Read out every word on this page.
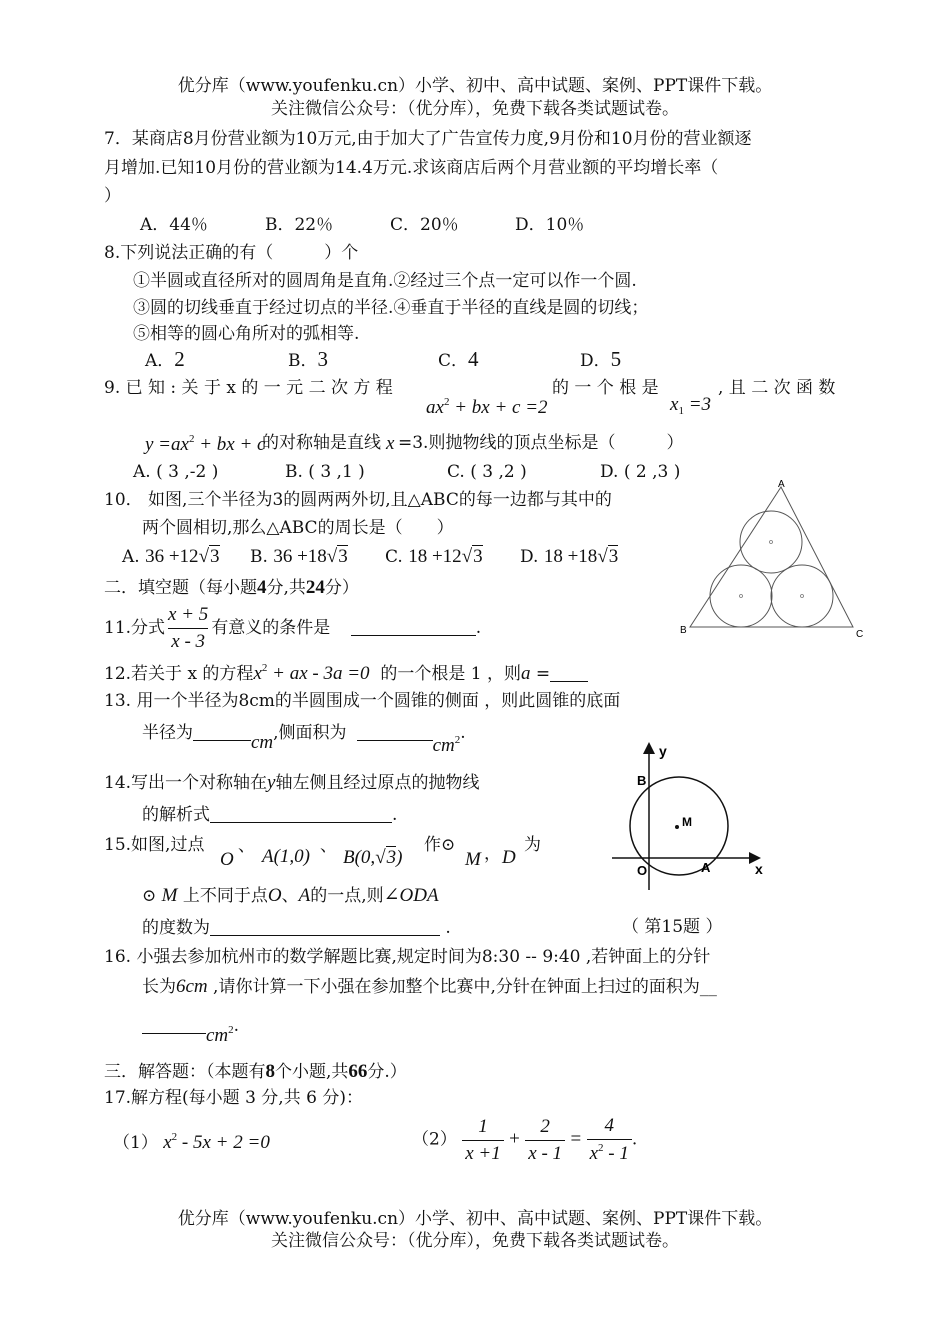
优分库（www.youfenku.cn）小学、初中、高中试题、案例、PPT课件下载。
关注微信公众号：（优分库），免费下载各类试题试卷。
7．某商店8月份营业额为10万元,由于加大了广告宣传力度,9月份和10月份的营业额逐
月增加.已知10月份的营业额为14.4万元.求该商店后两个月营业额的平均增长率（
）
A．44％	B．22％	C．20％	D．10％
8.下列说法正确的有（　　　）个
①半圆或直径所对的圆周角是直角.②经过三个点一定可以作一个圆.
③圆的切线垂直于经过切点的半径.④垂直于半径的直线是圆的切线；
⑤相等的圆心角所对的弧相等.
A．2	B．3	C．4	D．5
9. 已 知 : 关 于 x 的 一 元 二 次 方 程
$ax^2$ + bx + c =2
的 一 个 根 是
$x_1 =3$
, 且 二 次 函 数
$y =ax^2$ + bx + c
的对称轴是直线 x =3.则抛物线的顶点坐标是（　　　）
A. ( 3 ,-2 )	B. ( 3 ,1 )	C. ( 3 ,2 )	D. ( 2 ,3 )
10． 如图,三个半径为3的圆两两外切,且△ABC的每一边都与其中的
两个圆相切,那么△ABC的周长是（　　）
A. 36 +12√3 B. 36 +18√3 C. 18 +12√3 D. 18 +18√3
A
B	C
二．填空题（每小题4分,共24分）
11.分式 $\frac{x + 5}{x - 3}$ 有意义的条件是	.
12.若关于 x 的方程$x^2$ + ax - 3a =0 的一个根是 1 ，则a =
13. 用一个半径为8cm的半圆围成一个圆锥的侧面 ，则此圆锥的底面
半径为	cm,侧面积为$cm^2$.
14.写出一个对称轴在y轴左侧且经过原点的抛物线
的解析式	.
15.如图,过点
O
、 A(1,0) 、
B(0,√3)
作⊙
M ， D
为
⊙ M 上不同于点O、A的一点,则∠ODA
的度数为	.	（ 第15题 ）
y
B
M
O	A	x
16. 小强去参加杭州市的数学解题比赛,规定时间为8:30 -- 9:40 ,若钟面上的分针
长为6cm ,请你计算一下小强在参加整个比赛中,分针在钟面上扫过的面积为__
$cm^2$.
三．解答题：（本题有8个小题,共66分.）
17.解方程(每小题 3 分,共 6 分)：
（1） $x^2 - 5x + 2 =0$	$(2) \frac{1}{x +1} + \frac{2}{x - 1} = \frac{4}{x^2 - 1}$ .
优分库（www.youfenku.cn）小学、初中、高中试题、案例、PPT课件下载。
关注微信公众号：（优分库），免费下载各类试题试卷。
